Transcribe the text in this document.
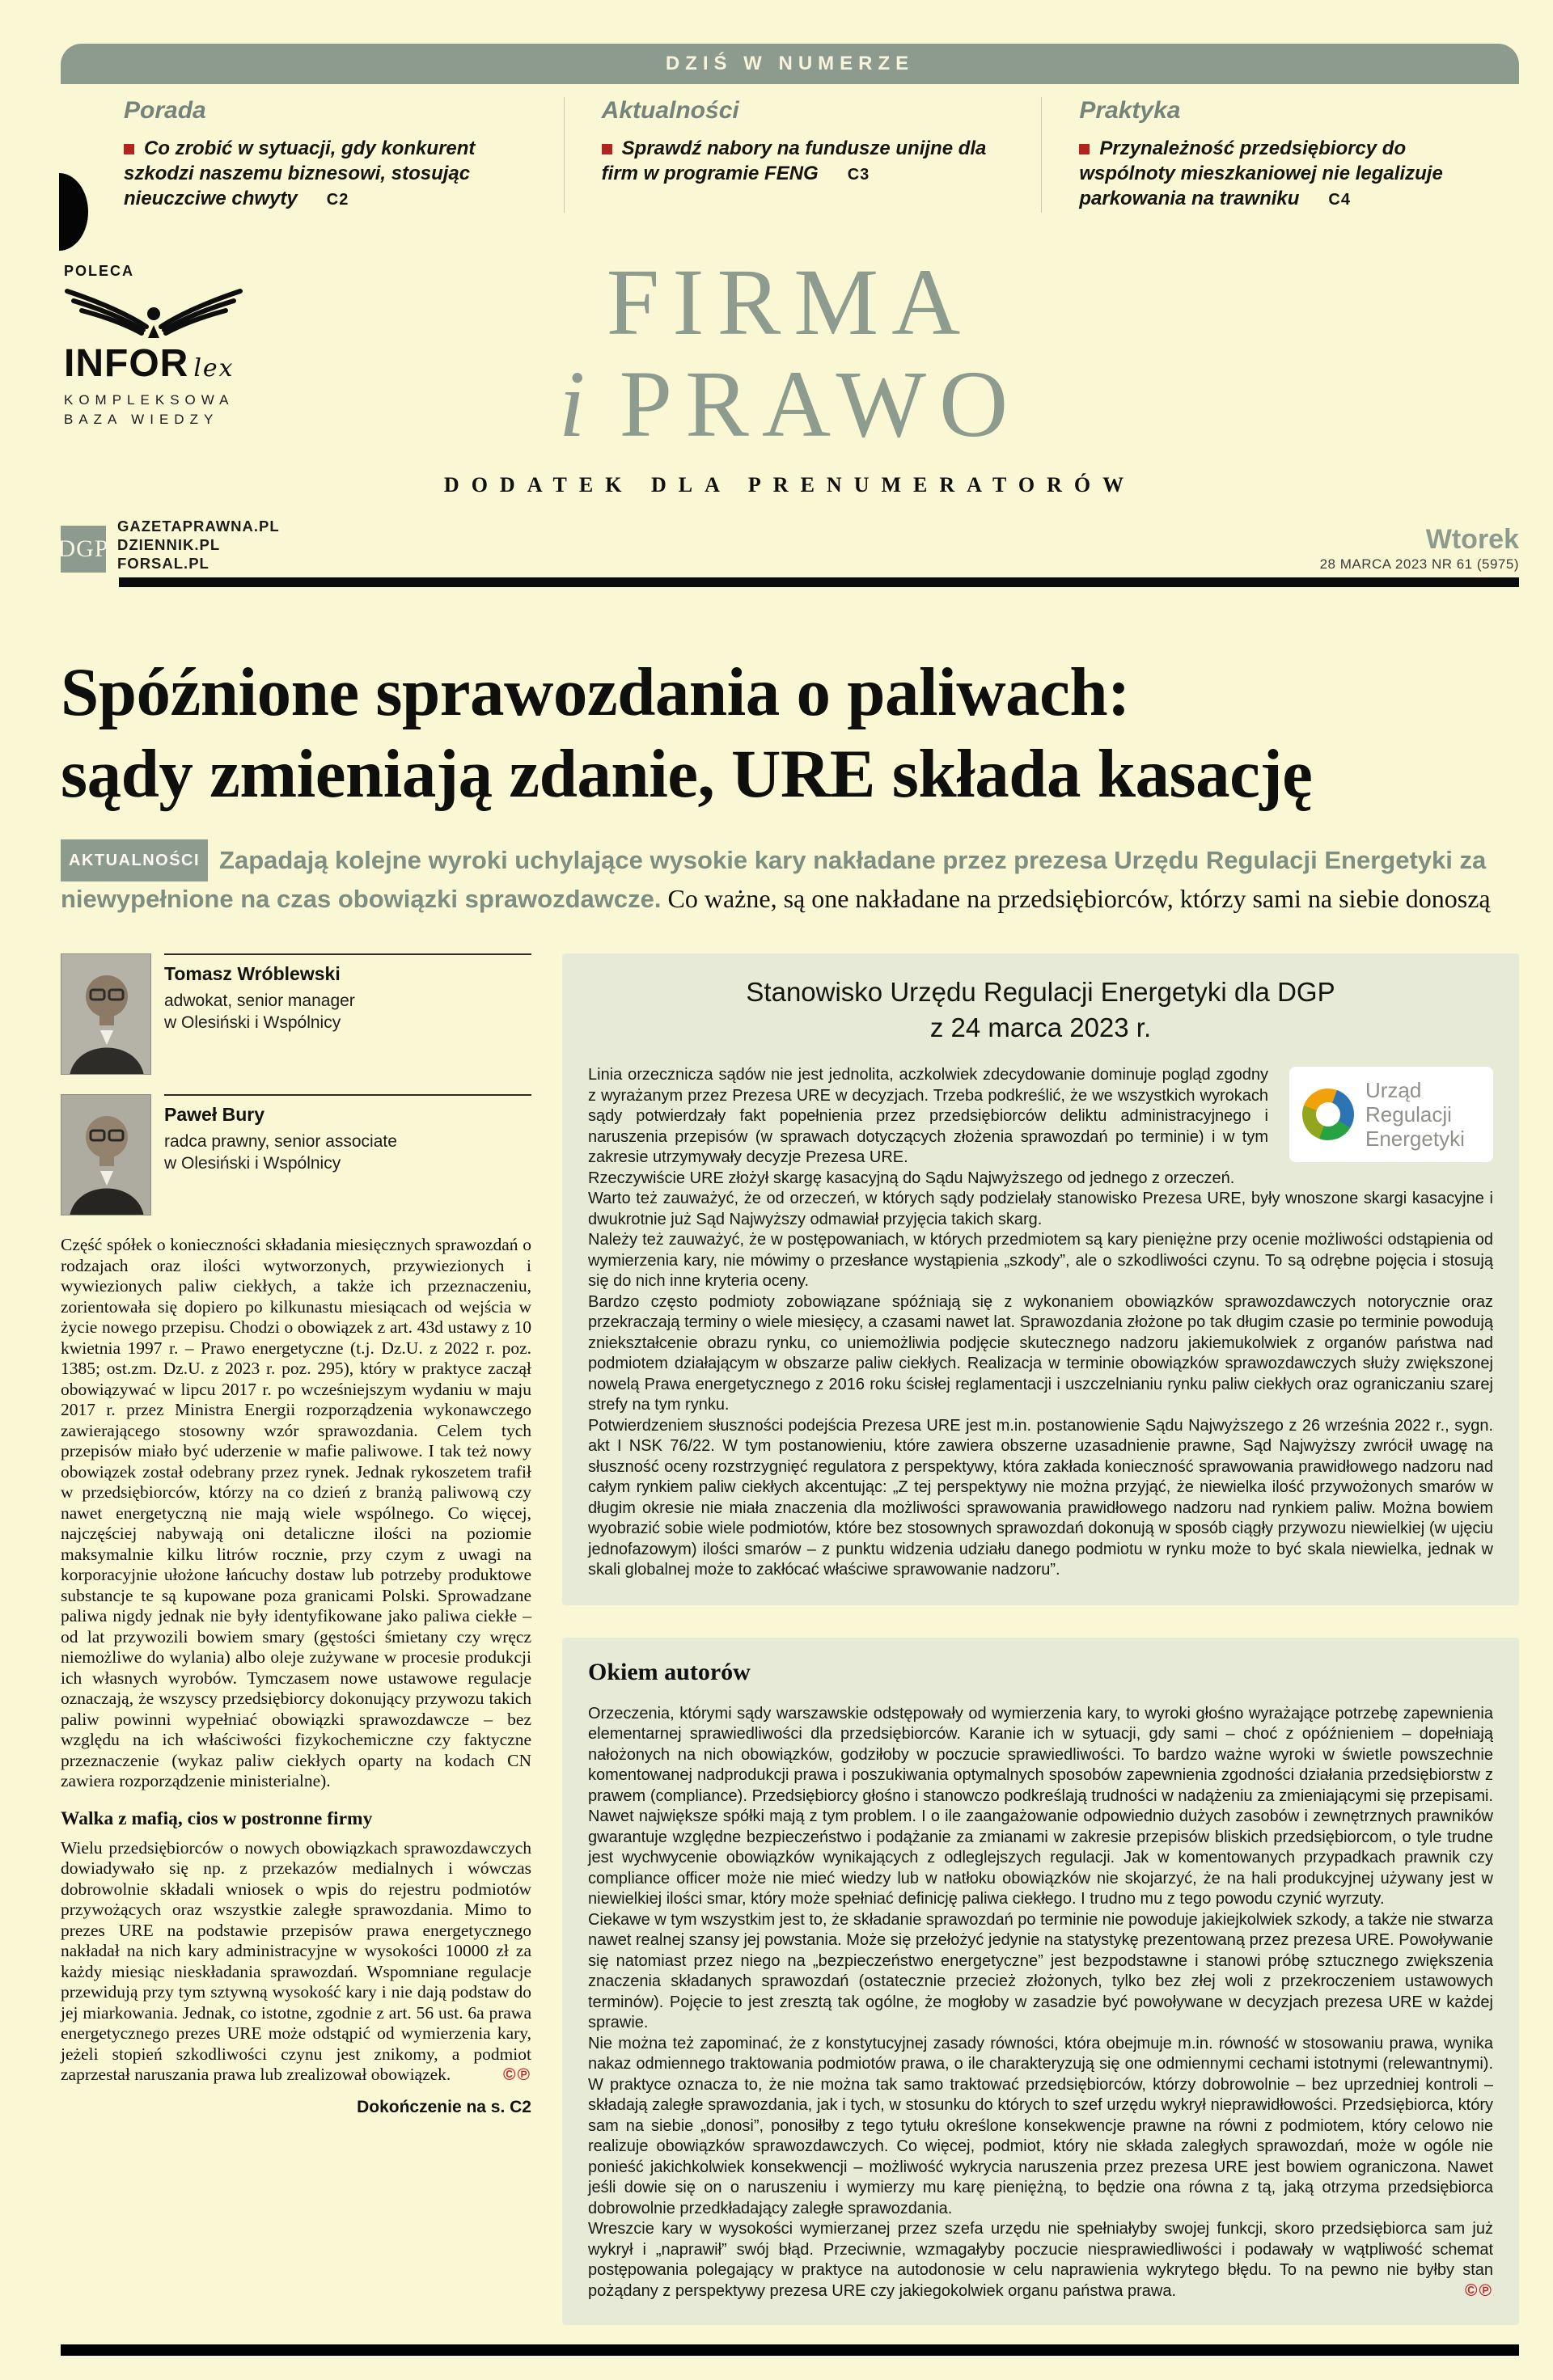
DZIŚ W NUMERZE
Porada
Co zrobić w sytuacji, gdy konkurent szkodzi naszemu biznesowi, stosując nieuczciwe chwyty C2
Aktualności
Sprawdź nabory na fundusze unijne dla firm w programie FENG C3
Praktyka
Przynależność przedsiębiorcy do wspólnoty mieszkaniowej nie legalizuje parkowania na trawniku C4
POLECA
INFOR lex
KOMPLEKSOWA
BAZA WIEDZY
FIRMA
i PRAWO
DODATEK DLA PRENUMERATORÓW
DGP
GAZETAPRAWNA.PL
DZIENNIK.PL
FORSAL.PL
Wtorek
28 MARCA 2023 NR 61 (5975)
Spóźnione sprawozdania o paliwach:
sądy zmieniają zdanie, URE składa kasację

AKTUALNOŚCI Zapadają kolejne wyroki uchylające wysokie kary nakładane przez prezesa Urzędu Regulacji Energetyki za niewypełnione na czas obowiązki sprawozdawcze. Co ważne, są one nakładane na przedsiębiorców, którzy sami na siebie donoszą

Tomasz Wróblewski
adwokat, senior manager
w Olesiński i Wspólnicy
Paweł Bury
radca prawny, senior associate
w Olesiński i Wspólnicy

Część spółek o konieczności składania miesięcznych sprawozdań o rodzajach oraz ilości wytworzonych, przywiezionych i wywiezionych paliw ciekłych, a także ich przeznaczeniu, zorientowała się dopiero po kilkunastu miesiącach od wejścia w życie nowego przepisu. Chodzi o obowiązek z art. 43d ustawy z 10 kwietnia 1997 r. – Prawo energetyczne (t.j. Dz.U. z 2022 r. poz. 1385; ost.zm. Dz.U. z 2023 r. poz. 295), który w praktyce zaczął obowiązywać w lipcu 2017 r. po wcześniejszym wydaniu w maju 2017 r. przez Ministra Energii rozporządzenia wykonawczego zawierającego stosowny wzór sprawozdania. Celem tych przepisów miało być uderzenie w mafie paliwowe. I tak też nowy obowiązek został odebrany przez rynek. Jednak rykoszetem trafił w przedsiębiorców, którzy na co dzień z branżą paliwową czy nawet energetyczną nie mają wiele wspólnego. Co więcej, najczęściej nabywają oni detaliczne ilości na poziomie maksymalnie kilku litrów rocznie, przy czym z uwagi na korporacyjnie ułożone łańcuchy dostaw lub potrzeby produktowe substancje te są kupowane poza granicami Polski. Sprowadzane paliwa nigdy jednak nie były identyfikowane jako paliwa ciekłe – od lat przywozili bowiem smary (gęstości śmietany czy wręcz niemożliwe do wylania) albo oleje zużywane w procesie produkcji ich własnych wyrobów. Tymczasem nowe ustawowe regulacje oznaczają, że wszyscy przedsiębiorcy dokonujący przywozu takich paliw powinni wypełniać obowiązki sprawozdawcze – bez względu na ich właściwości fizykochemiczne czy faktyczne przeznaczenie (wykaz paliw ciekłych oparty na kodach CN zawiera rozporządzenie ministerialne).

Walka z mafią, cios w postronne firmy

Wielu przedsiębiorców o nowych obowiązkach sprawozdawczych dowiadywało się np. z przekazów medialnych i wówczas dobrowolnie składali wniosek o wpis do rejestru podmiotów przywożących oraz wszystkie zaległe sprawozdania. Mimo to prezes URE na podstawie przepisów prawa energetycznego nakładał na nich kary administracyjne w wysokości 10000 zł za każdy miesiąc nieskładania sprawozdań. Wspomniane regulacje przewidują przy tym sztywną wysokość kary i nie dają podstaw do jej miarkowania. Jednak, co istotne, zgodnie z art. 56 ust. 6a prawa energetycznego prezes URE może odstąpić od wymierzenia kary, jeżeli stopień szkodliwości czynu jest znikomy, a podmiot zaprzestał naruszania prawa lub zrealizował obowiązek.	©℗
Dokończenie na s. C2
Stanowisko Urzędu Regulacji Energetyki dla DGP
z 24 marca 2023 r.
Urząd Regulacji
Energetyki

Linia orzecznicza sądów nie jest jednolita, aczkolwiek zdecydowanie dominuje pogląd zgodny z wyrażanym przez Prezesa URE w decyzjach. Trzeba podkreślić, że we wszystkich wyrokach sądy potwierdzały fakt popełnienia przez przedsiębiorców deliktu administracyjnego i naruszenia przepisów (w sprawach dotyczących złożenia sprawozdań po terminie) i w tym zakresie utrzymywały decyzje Prezesa URE.

Rzeczywiście URE złożył skargę kasacyjną do Sądu Najwyższego od jednego z orzeczeń.

Warto też zauważyć, że od orzeczeń, w których sądy podzielały stanowisko Prezesa URE, były wnoszone skargi kasacyjne i dwukrotnie już Sąd Najwyższy odmawiał przyjęcia takich skarg.

Należy też zauważyć, że w postępowaniach, w których przedmiotem są kary pieniężne przy ocenie możliwości odstąpienia od wymierzenia kary, nie mówimy o przesłance wystąpienia „szkody”, ale o szkodliwości czynu. To są odrębne pojęcia i stosują się do nich inne kryteria oceny.

Bardzo często podmioty zobowiązane spóźniają się z wykonaniem obowiązków sprawozdawczych notorycznie oraz przekraczają terminy o wiele miesięcy, a czasami nawet lat. Sprawozdania złożone po tak długim czasie po terminie powodują zniekształcenie obrazu rynku, co uniemożliwia podjęcie skutecznego nadzoru jakiemukolwiek z organów państwa nad podmiotem działającym w obszarze paliw ciekłych. Realizacja w terminie obowiązków sprawozdawczych służy zwiększonej nowelą Prawa energetycznego z 2016 roku ścisłej reglamentacji i uszczelnianiu rynku paliw ciekłych oraz ograniczaniu szarej strefy na tym rynku.

Potwierdzeniem słuszności podejścia Prezesa URE jest m.in. postanowienie Sądu Najwyższego z 26 września 2022 r., sygn. akt I NSK 76/22. W tym postanowieniu, które zawiera obszerne uzasadnienie prawne, Sąd Najwyższy zwrócił uwagę na słuszność oceny rozstrzygnięć regulatora z perspektywy, która zakłada konieczność sprawowania prawidłowego nadzoru nad całym rynkiem paliw ciekłych akcentując: „Z tej perspektywy nie można przyjąć, że niewielka ilość przywożonych smarów w długim okresie nie miała znaczenia dla możliwości sprawowania prawidłowego nadzoru nad rynkiem paliw. Można bowiem wyobrazić sobie wiele podmiotów, które bez stosownych sprawozdań dokonują w sposób ciągły przywozu niewielkiej (w ujęciu jednofazowym) ilości smarów – z punktu widzenia udziału danego podmiotu w rynku może to być skala niewielka, jednak w skali globalnej może to zakłócać właściwe sprawowanie nadzoru”.

Okiem autorów

Orzeczenia, którymi sądy warszawskie odstępowały od wymierzenia kary, to wyroki głośno wyrażające potrzebę zapewnienia elementarnej sprawiedliwości dla przedsiębiorców. Karanie ich w sytuacji, gdy sami – choć z opóźnieniem – dopełniają nałożonych na nich obowiązków, godziłoby w poczucie sprawiedliwości. To bardzo ważne wyroki w świetle powszechnie komentowanej nadprodukcji prawa i poszukiwania optymalnych sposobów zapewnienia zgodności działania przedsiębiorstw z prawem (compliance). Przedsiębiorcy głośno i stanowczo podkreślają trudności w nadążeniu za zmieniającymi się przepisami. Nawet największe spółki mają z tym problem. I o ile zaangażowanie odpowiednio dużych zasobów i zewnętrznych prawników gwarantuje względne bezpieczeństwo i podążanie za zmianami w zakresie przepisów bliskich przedsiębiorcom, o tyle trudne jest wychwycenie obowiązków wynikających z odleglejszych regulacji. Jak w komentowanych przypadkach prawnik czy compliance officer może nie mieć wiedzy lub w natłoku obowiązków nie skojarzyć, że na hali produkcyjnej używany jest w niewielkiej ilości smar, który może spełniać definicję paliwa ciekłego. I trudno mu z tego powodu czynić wyrzuty.

Ciekawe w tym wszystkim jest to, że składanie sprawozdań po terminie nie powoduje jakiejkolwiek szkody, a także nie stwarza nawet realnej szansy jej powstania. Może się przełożyć jedynie na statystykę prezentowaną przez prezesa URE. Powoływanie się natomiast przez niego na „bezpieczeństwo energetyczne” jest bezpodstawne i stanowi próbę sztucznego zwiększenia znaczenia składanych sprawozdań (ostatecznie przecież złożonych, tylko bez złej woli z przekroczeniem ustawowych terminów). Pojęcie to jest zresztą tak ogólne, że mogłoby w zasadzie być powoływane w decyzjach prezesa URE w każdej sprawie.

Nie można też zapominać, że z konstytucyjnej zasady równości, która obejmuje m.in. równość w stosowaniu prawa, wynika nakaz odmiennego traktowania podmiotów prawa, o ile charakteryzują się one odmiennymi cechami istotnymi (relewantnymi). W praktyce oznacza to, że nie można tak samo traktować przedsiębiorców, którzy dobrowolnie – bez uprzedniej kontroli – składają zaległe sprawozdania, jak i tych, w stosunku do których to szef urzędu wykrył nieprawidłowości. Przedsiębiorca, który sam na siebie „donosi”, ponosiłby z tego tytułu określone konsekwencje prawne na równi z podmiotem, który celowo nie realizuje obowiązków sprawozdawczych. Co więcej, podmiot, który nie składa zaległych sprawozdań, może w ogóle nie ponieść jakichkolwiek konsekwencji – możliwość wykrycia naruszenia przez prezesa URE jest bowiem ograniczona. Nawet jeśli dowie się on o naruszeniu i wymierzy mu karę pieniężną, to będzie ona równa z tą, jaką otrzyma przedsiębiorca dobrowolnie przedkładający zaległe sprawozdania.

Wreszcie kary w wysokości wymierzanej przez szefa urzędu nie spełniałyby swojej funkcji, skoro przedsiębiorca sam już wykrył i „naprawił” swój błąd. Przeciwnie, wzmagałyby poczucie niesprawiedliwości i podawały w wątpliwość schemat postępowania polegający w praktyce na autodonosie w celu naprawienia wykrytego błędu. To na pewno nie byłby stan pożądany z perspektywy prezesa URE czy jakiegokolwiek organu państwa prawa.	©℗
